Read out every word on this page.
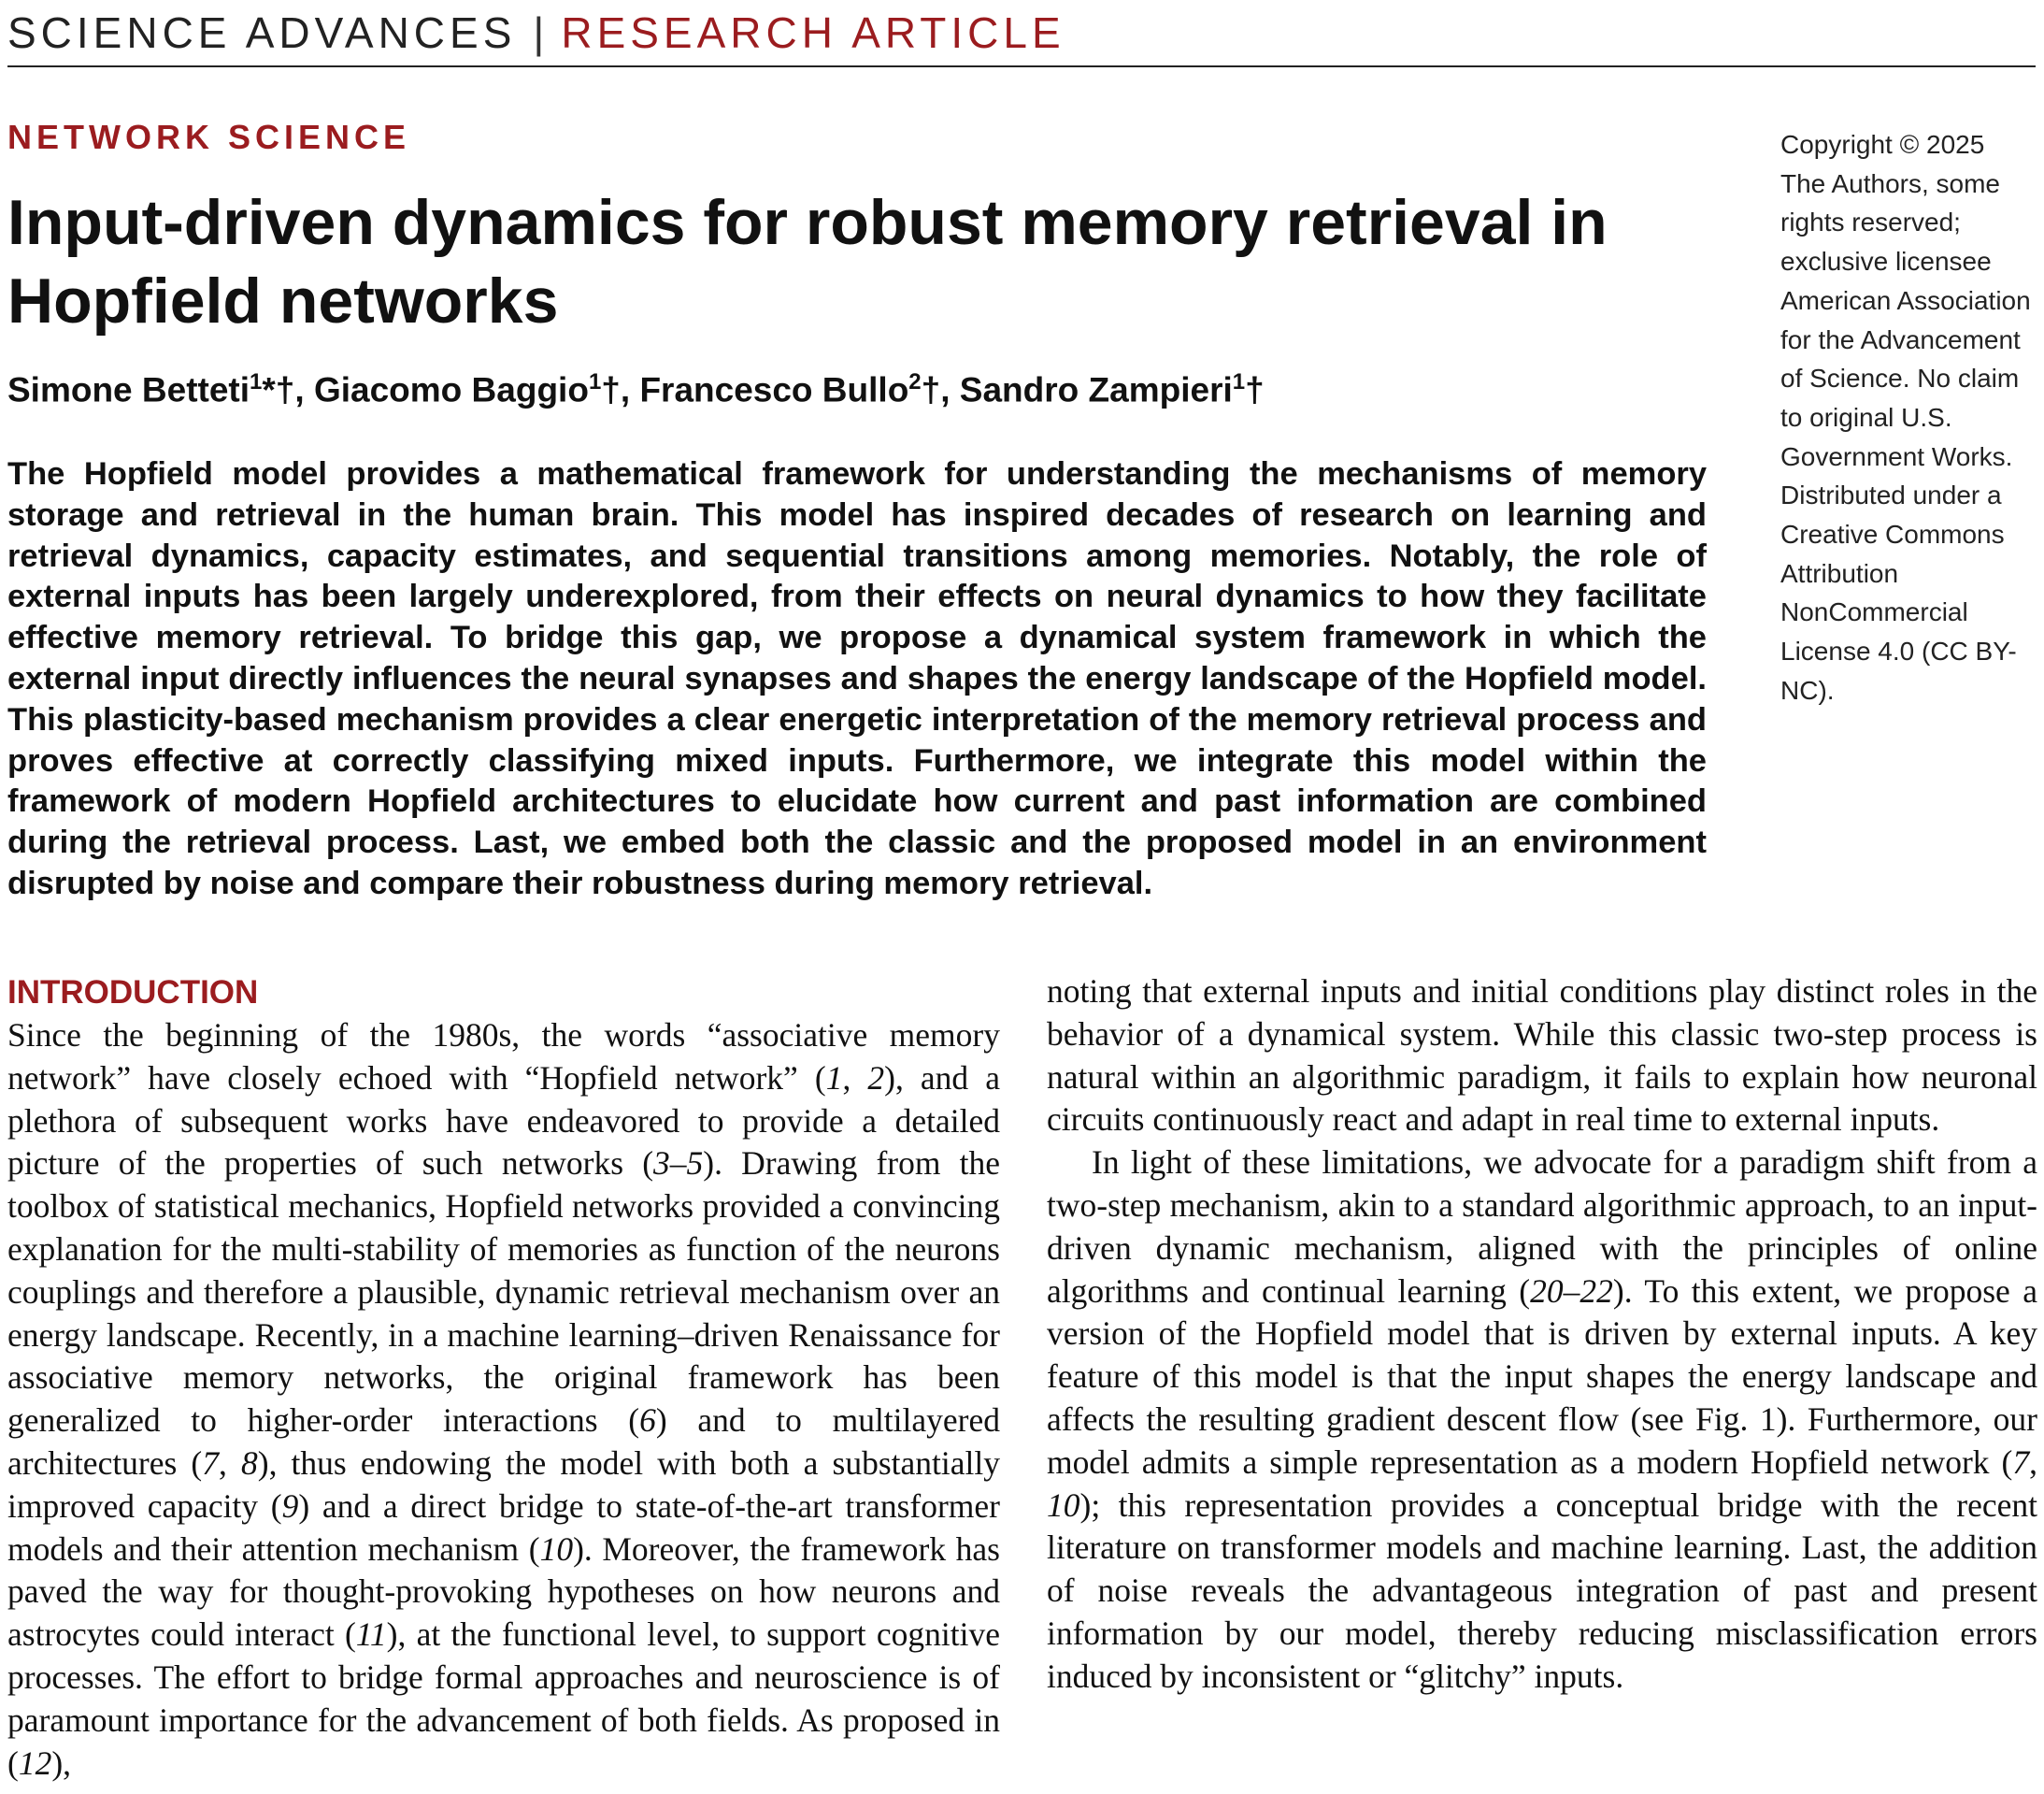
SCIENCE ADVANCES | RESEARCH ARTICLE
NETWORK SCIENCE
Input-driven dynamics for robust memory retrieval in Hopfield networks
Simone Betteti$^1$*†, Giacomo Baggio$^1$†, Francesco Bullo$^2$†, Sandro Zampieri$^1$†

The Hopfield model provides a mathematical framework for understanding the mechanisms of memory storage and retrieval in the human brain. This model has inspired decades of research on learning and retrieval dynamics, capacity estimates, and sequential transitions among memories. Notably, the role of external inputs has been largely underexplored, from their effects on neural dynamics to how they facilitate effective memory retrieval. To bridge this gap, we propose a dynamical system framework in which the external input directly influences the neural synapses and shapes the energy landscape of the Hopfield model. This plasticity-based mechanism provides a clear energetic interpretation of the memory retrieval process and proves effective at correctly classifying mixed inputs. Furthermore, we integrate this model within the framework of modern Hopfield architectures to elucidate how current and past information are combined during the retrieval process. Last, we embed both the classic and the proposed model in an environment disrupted by noise and compare their robustness during memory retrieval.

Copyright © 2025 The Authors, some rights reserved; exclusive licensee American Association for the Advancement of Science. No claim to original U.S. Government Works. Distributed under a Creative Commons Attribution NonCommercial License 4.0 (CC BY-NC).
INTRODUCTION

Since the beginning of the 1980s, the words “associative memory network” have closely echoed with “Hopfield network” (1, 2), and a plethora of subsequent works have endeavored to provide a detailed picture of the properties of such networks (3–5). Drawing from the toolbox of statistical mechanics, Hopfield networks provided a convincing explanation for the multi-stability of memories as function of the neurons couplings and therefore a plausible, dynamic retrieval mechanism over an energy landscape. Recently, in a machine learning–driven Renaissance for associative memory networks, the original framework has been generalized to higher-order interactions (6) and to multilayered architectures (7, 8), thus endowing the model with both a substantially improved capacity (9) and a direct bridge to state-of-the-art transformer models and their attention mechanism (10). Moreover, the framework has paved the way for thought-provoking hypotheses on how neurons and astrocytes could interact (11), at the functional level, to support cognitive processes. The effort to bridge formal approaches and neuroscience is of paramount importance for the advancement of both fields. As proposed in (12),

noting that external inputs and initial conditions play distinct roles in the behavior of a dynamical system. While this classic two-step process is natural within an algorithmic paradigm, it fails to explain how neuronal circuits continuously react and adapt in real time to external inputs.

In light of these limitations, we advocate for a paradigm shift from a two-step mechanism, akin to a standard algorithmic approach, to an input-driven dynamic mechanism, aligned with the principles of online algorithms and continual learning (20–22). To this extent, we propose a version of the Hopfield model that is driven by external inputs. A key feature of this model is that the input shapes the energy landscape and affects the resulting gradient descent flow (see Fig. 1). Furthermore, our model admits a simple representation as a modern Hopfield network (7, 10); this representation provides a conceptual bridge with the recent literature on transformer models and machine learning. Last, the addition of noise reveals the advantageous integration of past and present information by our model, thereby reducing misclassification errors induced by inconsistent or “glitchy” inputs.
